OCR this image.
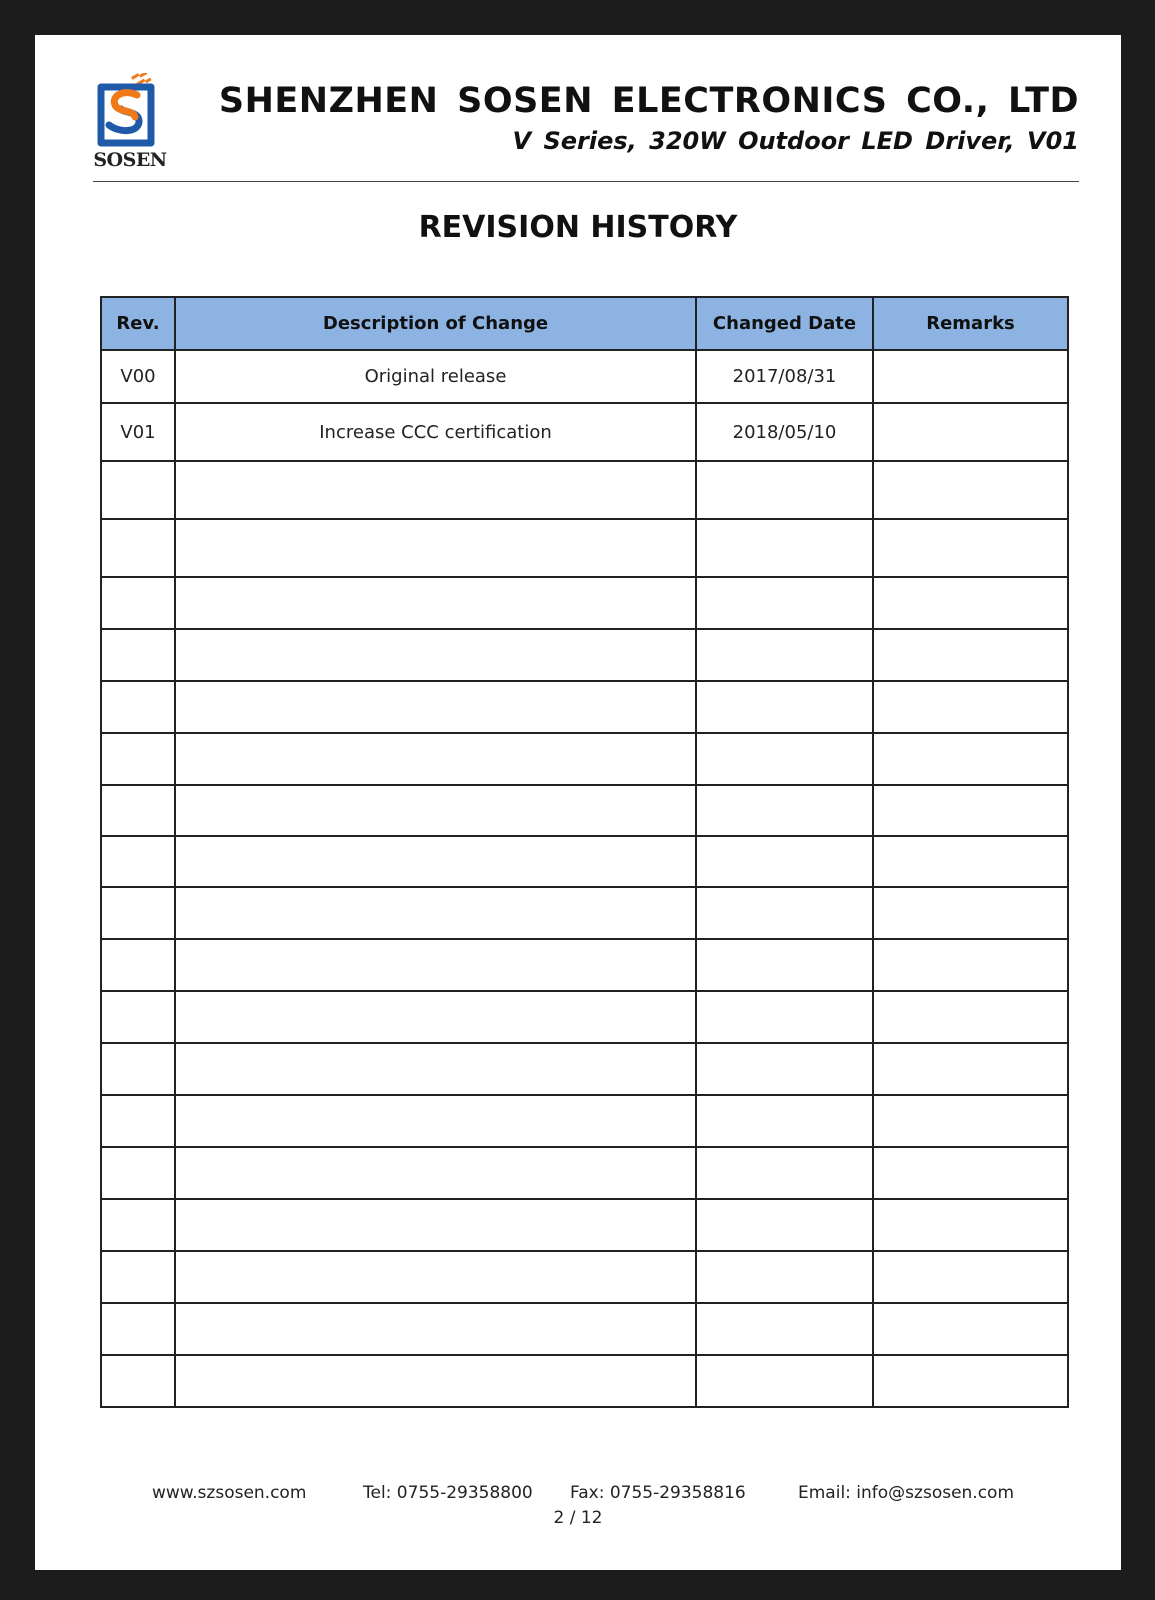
SOSEN
SHENZHEN SOSEN ELECTRONICS CO., LTD
V Series, 320W Outdoor LED Driver, V01
REVISION HISTORY
Rev.	Description of Change	Changed Date	Remarks
V00	Original release	2017/08/31	
V01	Increase CCC certification	2018/05/10	

www.szsosen.com	Tel: 0755-29358800 Fax: 0755-29358816	Email: info@szsosen.com
2 / 12
